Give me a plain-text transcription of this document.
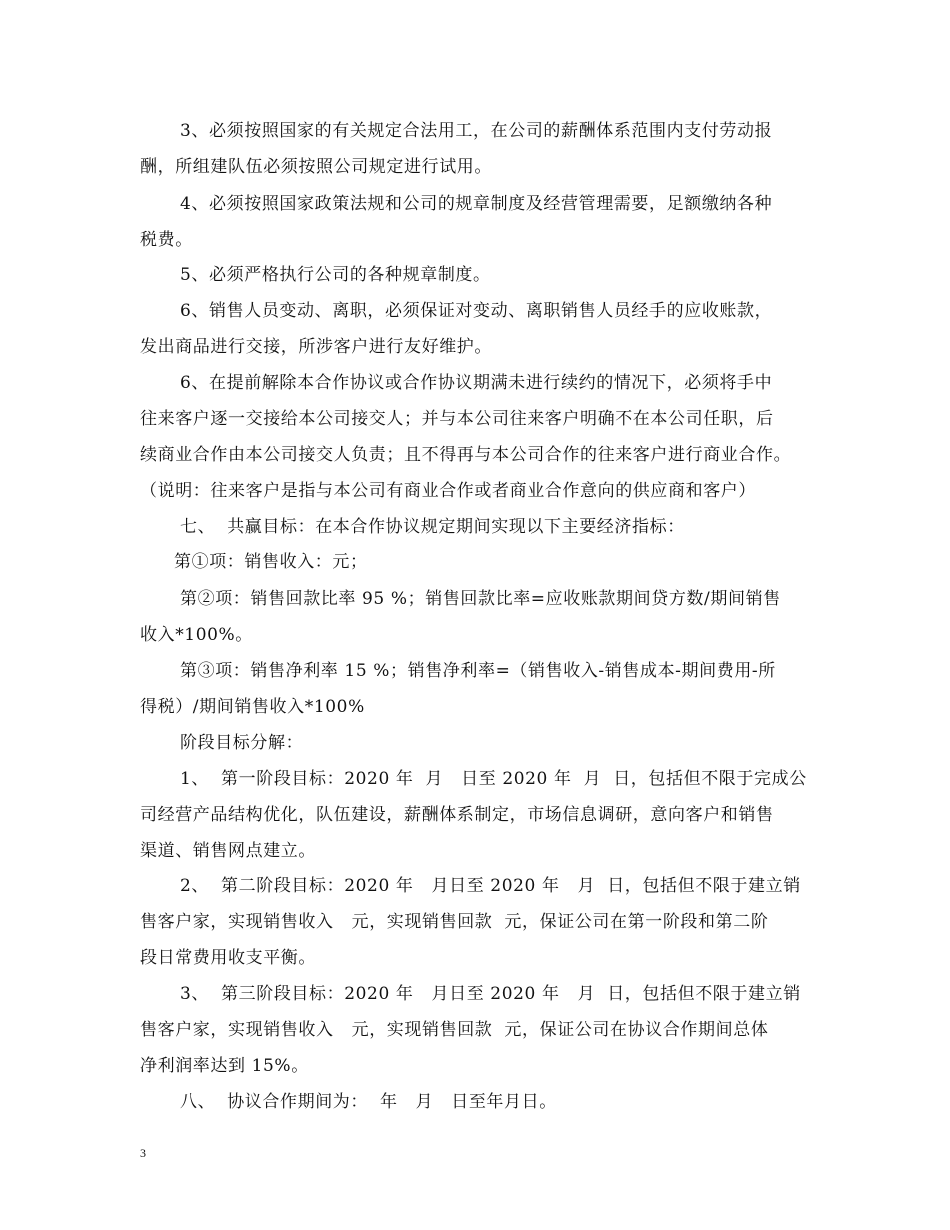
3、必须按照国家的有关规定合法用工，在公司的薪酬体系范围内支付劳动报
酬，所组建队伍必须按照公司规定进行试用。
4、必须按照国家政策法规和公司的规章制度及经营管理需要，足额缴纳各种
税费。
5、必须严格执行公司的各种规章制度。
6、销售人员变动、离职，必须保证对变动、离职销售人员经手的应收账款，
发出商品进行交接，所涉客户进行友好维护。
6、在提前解除本合作协议或合作协议期满未进行续约的情况下，必须将手中
往来客户逐一交接给本公司接交人；并与本公司往来客户明确不在本公司任职，后
续商业合作由本公司接交人负责；且不得再与本公司合作的往来客户进行商业合作。
（说明：往来客户是指与本公司有商业合作或者商业合作意向的供应商和客户）
七、  共赢目标：在本合作协议规定期间实现以下主要经济指标：
第①项：销售收入：元；
第②项：销售回款比率 95 %；销售回款比率=应收账款期间贷方数/期间销售
收入*100%。
第③项：销售净利率 15 %；销售净利率=（销售收入-销售成本-期间费用-所
得税）/期间销售收入*100%
阶段目标分解：
1、  第一阶段目标：2020 年  月   日至 2020 年  月  日，包括但不限于完成公
司经营产品结构优化，队伍建设，薪酬体系制定，市场信息调研，意向客户和销售
渠道、销售网点建立。
2、  第二阶段目标：2020 年   月日至 2020 年   月  日，包括但不限于建立销
售客户家，实现销售收入   元，实现销售回款  元，保证公司在第一阶段和第二阶
段日常费用收支平衡。
3、  第三阶段目标：2020 年   月日至 2020 年   月  日，包括但不限于建立销
售客户家，实现销售收入   元，实现销售回款  元，保证公司在协议合作期间总体
净利润率达到 15%。
八、  协议合作期间为：  年   月   日至年月日。
3
